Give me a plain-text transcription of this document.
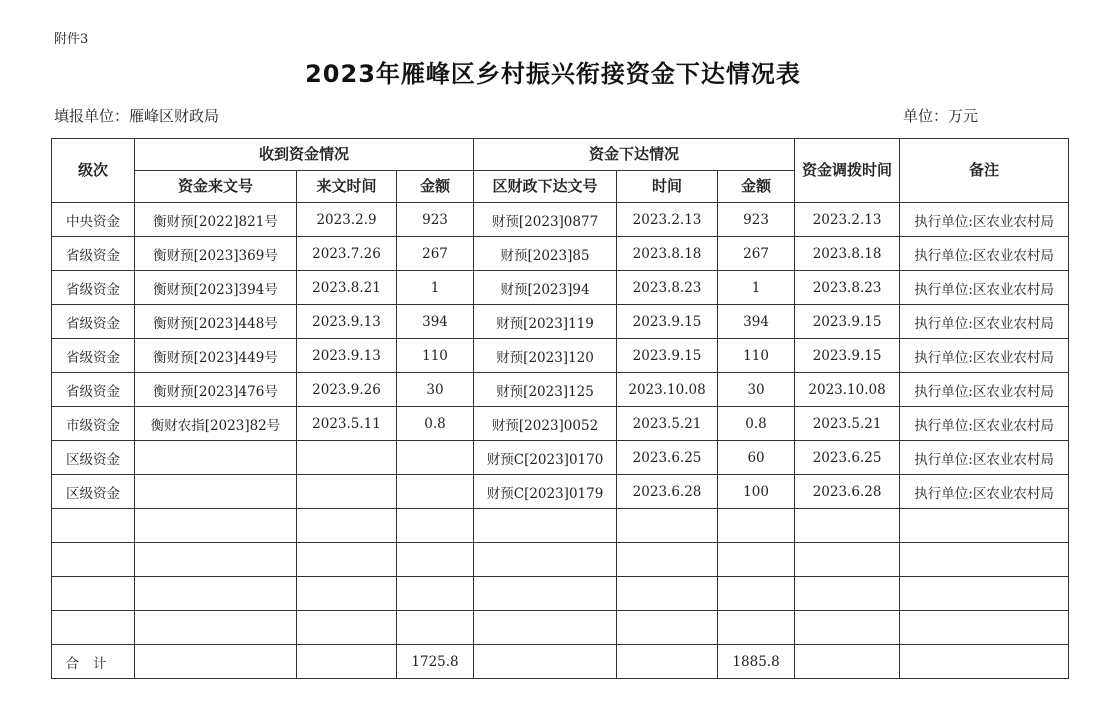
附件3
2023年雁峰区乡村振兴衔接资金下达情况表
填报单位：雁峰区财政局	单位：万元
级次	收到资金情况			资金下达情况			资金调拨时间	备注
	资金来文号	来文时间	金额	区财政下达文号	时间	金额		
中央资金	衡财预[2022]821号	2023.2.9	923	财预[2023]0877	2023.2.13	923	2023.2.13	执行单位:区农业农村局
省级资金	衡财预[2023]369号	2023.7.26	267	财预[2023]85	2023.8.18	267	2023.8.18	执行单位:区农业农村局
省级资金	衡财预[2023]394号	2023.8.21	1	财预[2023]94	2023.8.23	1	2023.8.23	执行单位:区农业农村局
省级资金	衡财预[2023]448号	2023.9.13	394	财预[2023]119	2023.9.15	394	2023.9.15	执行单位:区农业农村局
省级资金	衡财预[2023]449号	2023.9.13	110	财预[2023]120	2023.9.15	110	2023.9.15	执行单位:区农业农村局
省级资金	衡财预[2023]476号	2023.9.26	30	财预[2023]125	2023.10.08	30	2023.10.08	执行单位:区农业农村局
市级资金	衡财农指[2023]82号	2023.5.11	0.8	财预[2023]0052	2023.5.21	0.8	2023.5.21	执行单位:区农业农村局
区级资金				财预C[2023]0170	2023.6.25	60	2023.6.25	执行单位:区农业农村局
区级资金				财预C[2023]0179	2023.6.28	100	2023.6.28	执行单位:区农业农村局

合计			1725.8			1885.8		
